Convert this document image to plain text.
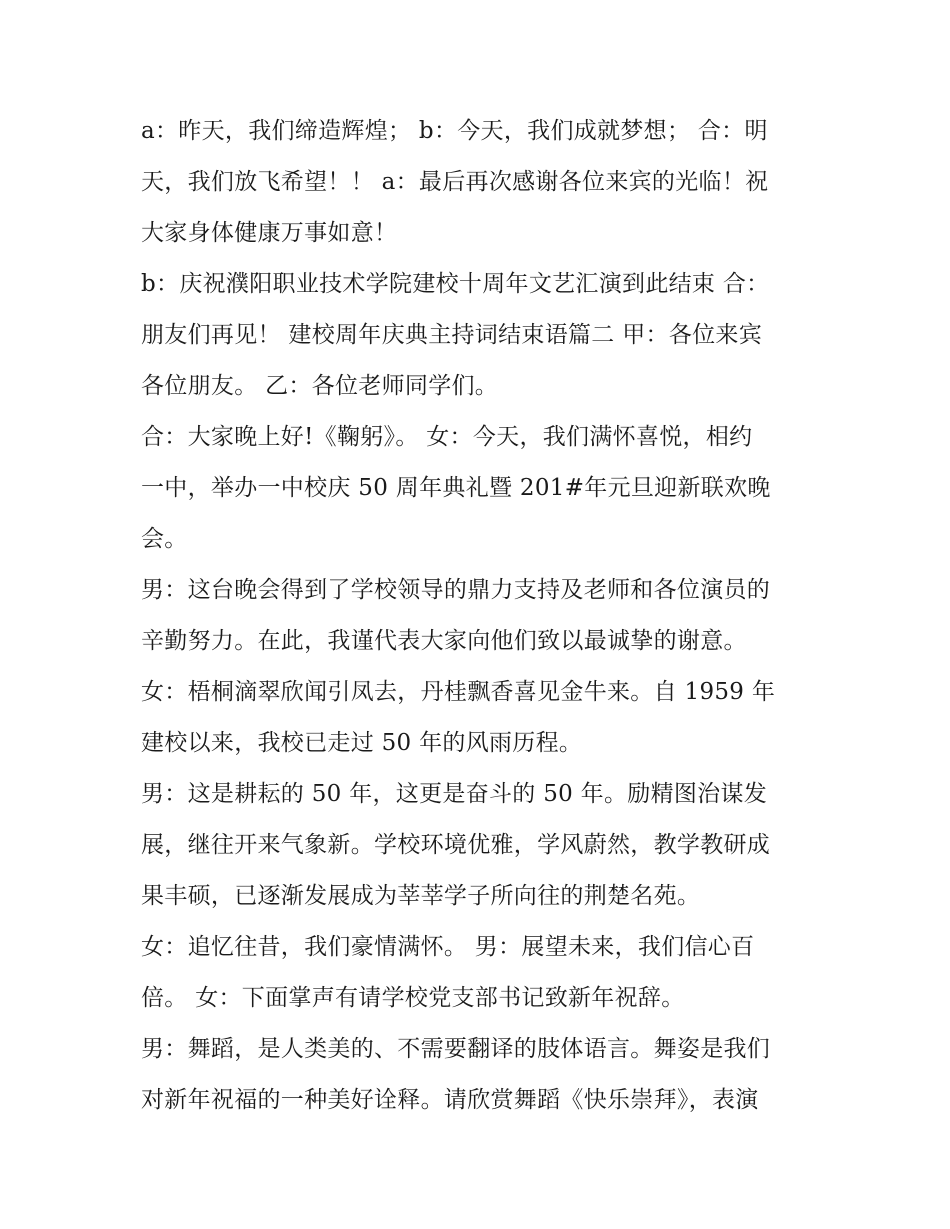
a：昨天，我们缔造辉煌； b：今天，我们成就梦想； 合：明
天，我们放飞希望！！ a：最后再次感谢各位来宾的光临！祝
大家身体健康万事如意！
b：庆祝濮阳职业技术学院建校十周年文艺汇演到此结束 合：
朋友们再见！ 建校周年庆典主持词结束语篇二 甲：各位来宾
各位朋友。 乙：各位老师同学们。
合：大家晚上好!《鞠躬》。 女：今天，我们满怀喜悦，相约
一中，举办一中校庆 50 周年典礼暨 201#年元旦迎新联欢晚
会。
男：这台晚会得到了学校领导的鼎力支持及老师和各位演员的
辛勤努力。在此，我谨代表大家向他们致以最诚挚的谢意。
女：梧桐滴翠欣闻引凤去，丹桂飘香喜见金牛来。自 1959 年
建校以来，我校已走过 50 年的风雨历程。
男：这是耕耘的 50 年，这更是奋斗的 50 年。励精图治谋发
展，继往开来气象新。学校环境优雅，学风蔚然，教学教研成
果丰硕，已逐渐发展成为莘莘学子所向往的荆楚名苑。
女：追忆往昔，我们豪情满怀。 男：展望未来，我们信心百
倍。 女：下面掌声有请学校党支部书记致新年祝辞。
男：舞蹈，是人类美的、不需要翻译的肢体语言。舞姿是我们
对新年祝福的一种美好诠释。请欣赏舞蹈《快乐崇拜》，表演
